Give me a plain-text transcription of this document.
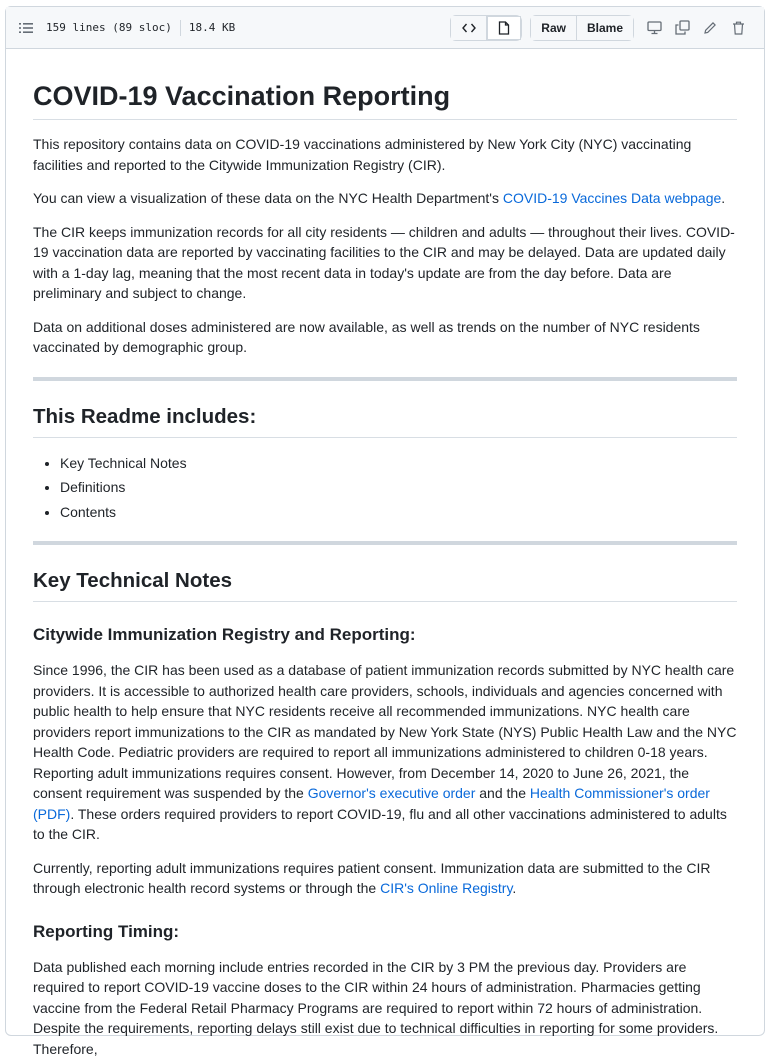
159 lines (89 sloc) 18.4 KB	Raw	Blame
COVID-19 Vaccination Reporting

This repository contains data on COVID-19 vaccinations administered by New York City (NYC) vaccinating facilities and reported to the Citywide Immunization Registry (CIR).

You can view a visualization of these data on the NYC Health Department's COVID-19 Vaccines Data webpage.

The CIR keeps immunization records for all city residents — children and adults — throughout their lives. COVID-19 vaccination data are reported by vaccinating facilities to the CIR and may be delayed. Data are updated daily with a 1-day lag, meaning that the most recent data in today's update are from the day before. Data are preliminary and subject to change.

Data on additional doses administered are now available, as well as trends on the number of NYC residents vaccinated by demographic group.

This Readme includes:
• Key Technical Notes
• Definitions
• Contents
Key Technical Notes
Citywide Immunization Registry and Reporting:

Since 1996, the CIR has been used as a database of patient immunization records submitted by NYC health care providers. It is accessible to authorized health care providers, schools, individuals and agencies concerned with public health to help ensure that NYC residents receive all recommended immunizations. NYC health care providers report immunizations to the CIR as mandated by New York State (NYS) Public Health Law and the NYC Health Code. Pediatric providers are required to report all immunizations administered to children 0-18 years. Reporting adult immunizations requires consent. However, from December 14, 2020 to June 26, 2021, the consent requirement was suspended by the Governor's executive order and the Health Commissioner's order (PDF). These orders required providers to report COVID-19, flu and all other vaccinations administered to adults to the CIR.

Currently, reporting adult immunizations requires patient consent. Immunization data are submitted to the CIR through electronic health record systems or through the CIR's Online Registry.

Reporting Timing:

Data published each morning include entries recorded in the CIR by 3 PM the previous day. Providers are required to report COVID-19 vaccine doses to the CIR within 24 hours of administration. Pharmacies getting vaccine from the Federal Retail Pharmacy Programs are required to report within 72 hours of administration. Despite the requirements, reporting delays still exist due to technical difficulties in reporting for some providers. Therefore,
